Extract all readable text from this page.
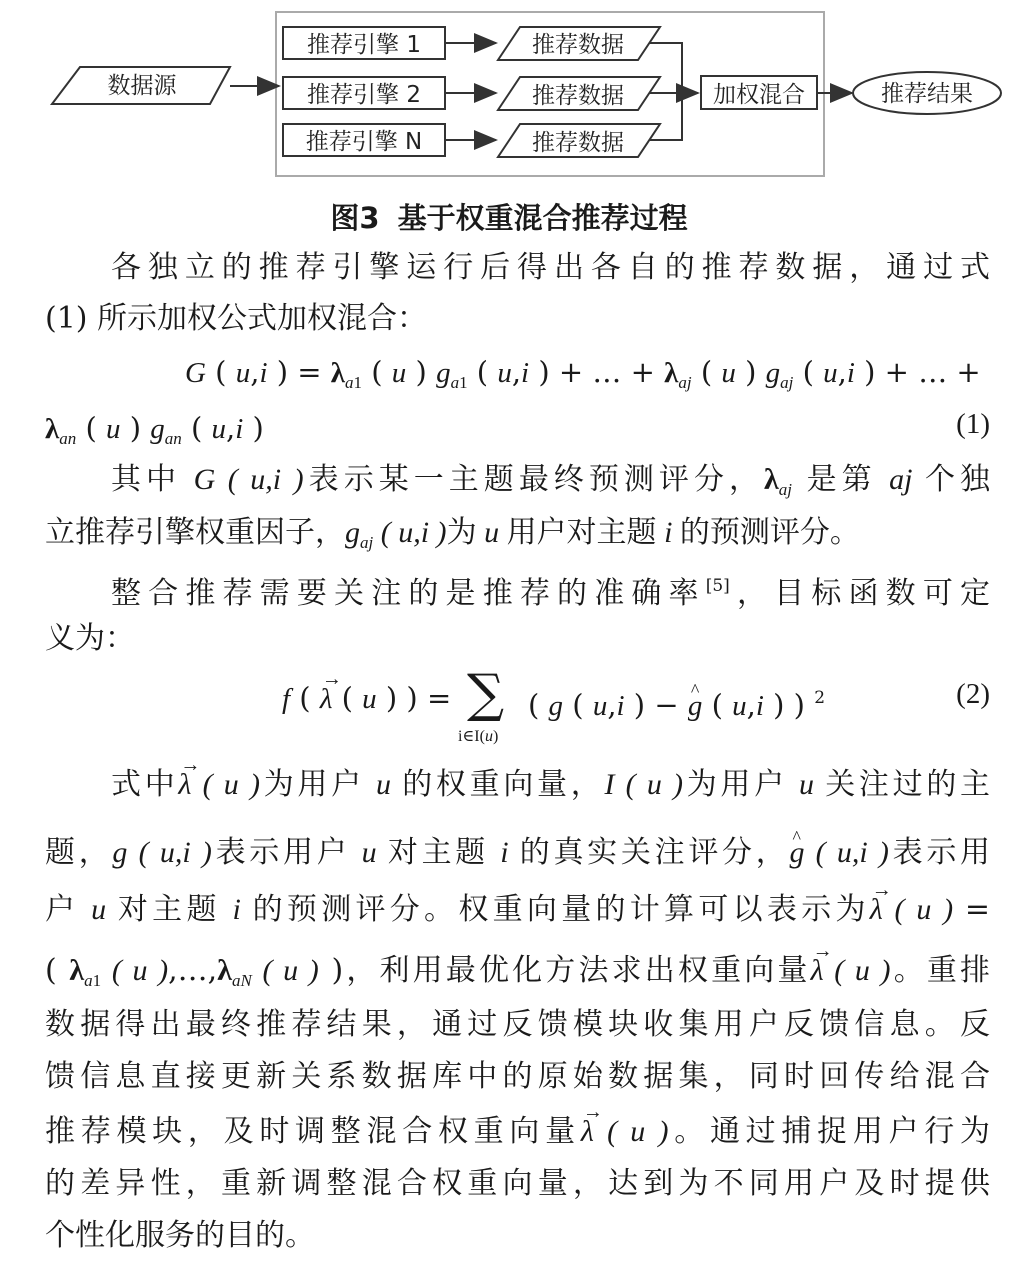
数据源
推荐引擎 1
推荐引擎 2
推荐引擎 N
推荐数据
推荐数据
推荐数据
加权混合	推荐结果
图3 基于权重混合推荐过程
各独立的推荐引擎运行后得出各自的推荐数据，通过式
(1) 所示加权公式加权混合：
G ( u,i ) = $\lambda_{a1}$ ( u ) $g_{a1}$ ( u,i ) + … + $\lambda_{aj}$ ( u ) $g_{aj}$ ( u,i ) + … +
$\lambda_{an}$ ( u ) $g_{an}$ ( u,i )	(1)
其中 G ( u,i )表示某一主题最终预测评分，$\lambda_{aj}$ 是第 aj 个独
立推荐引擎权重因子，$g_{aj}$ ( u,i )为 u 用户对主题 i 的预测评分。
整合推荐需要关注的是推荐的准确率[5]，目标函数可定
义为：
f ( → λ ( u ) ) = ∑
i∈I(u)
( g ( u,i ) − ^ g ( u,i ) ) $^2$	(2)
式中→ λ ( u )为用户 u 的权重向量，I ( u )为用户 u 关注过的主
题，g ( u,i )表示用户 u 对主题 i 的真实关注评分，^ g ( u,i )表示用
户 u 对主题 i 的预测评分。权重向量的计算可以表示为→ λ ( u ) =
( $\lambda_{a1}$ ( u )$,\dots,\lambda_{aN}$ ( u ) )，利用最优化方法求出权重向量→ λ ( u )。重排
数据得出最终推荐结果，通过反馈模块收集用户反馈信息。反
馈信息直接更新关系数据库中的原始数据集，同时回传给混合
推荐模块，及时调整混合权重向量→ λ ( u )。通过捕捉用户行为
的差异性，重新调整混合权重向量，达到为不同用户及时提供
个性化服务的目的。
